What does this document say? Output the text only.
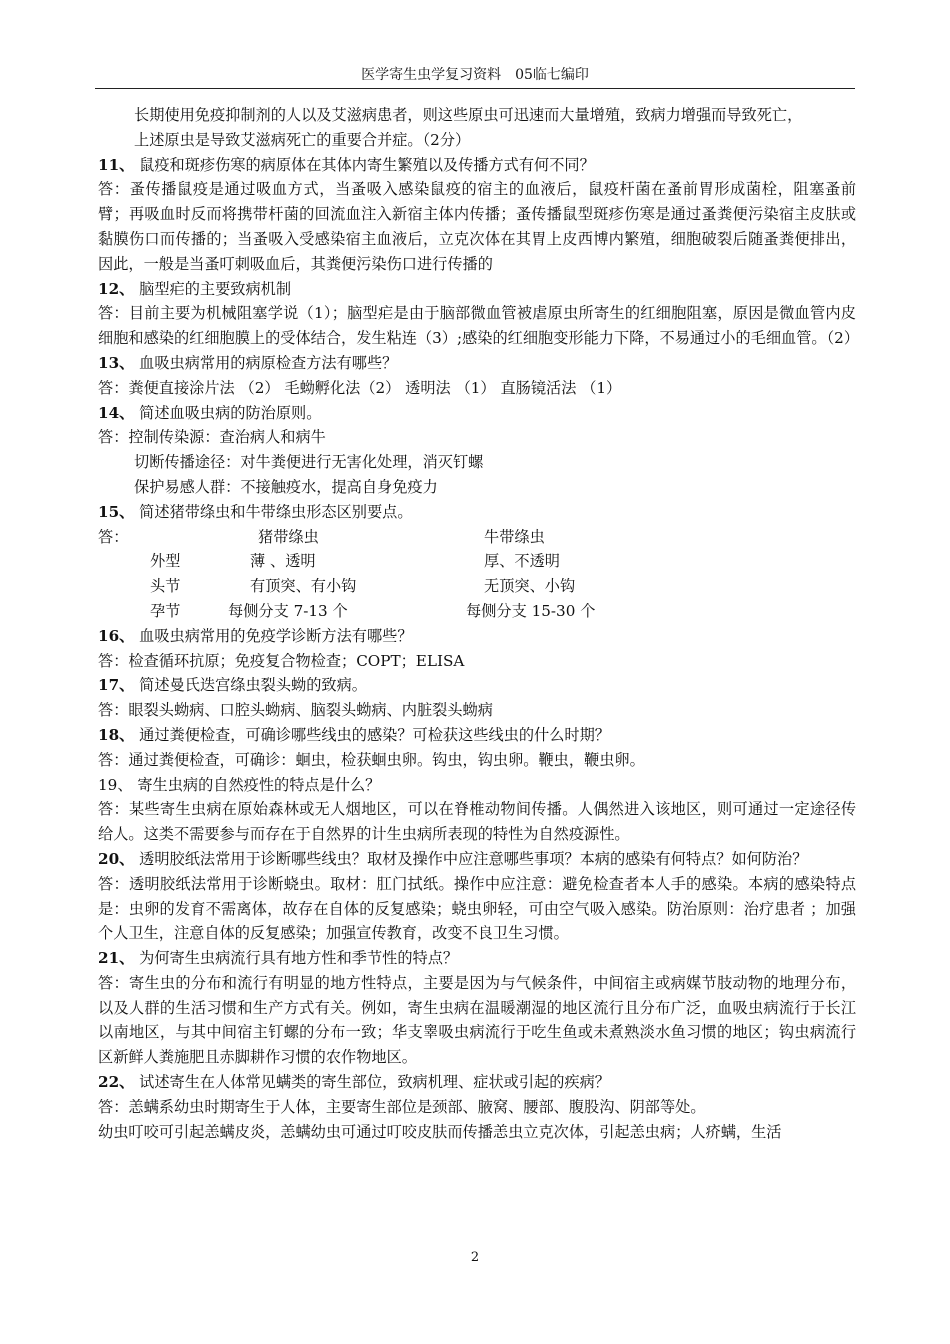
医学寄生虫学复习资料　05临七编印
长期使用免疫抑制剂的人以及艾滋病患者，则这些原虫可迅速而大量增殖，致病力增强而导致死亡，
上述原虫是导致艾滋病死亡的重要合并症。（2分）
11、 鼠疫和斑疹伤寒的病原体在其体内寄生繁殖以及传播方式有何不同？
答：蚤传播鼠疫是通过吸血方式，当蚤吸入感染鼠疫的宿主的血液后，鼠疫杆菌在蚤前胃形成菌栓，阻塞蚤前臂；再吸血时反而将携带杆菌的回流血注入新宿主体内传播；蚤传播鼠型斑疹伤寒是通过蚤粪便污染宿主皮肤或黏膜伤口而传播的；当蚤吸入受感染宿主血液后，立克次体在其胃上皮西博内繁殖，细胞破裂后随蚤粪便排出，因此，一般是当蚤叮刺吸血后，其粪便污染伤口进行传播的
12、 脑型疟的主要致病机制
答：目前主要为机械阻塞学说（1）；脑型疟是由于脑部微血管被虐原虫所寄生的红细胞阻塞，原因是微血管内皮细胞和感染的红细胞膜上的受体结合，发生粘连（3）;感染的红细胞变形能力下降，不易通过小的毛细血管。（2）
13、 血吸虫病常用的病原检查方法有哪些？
答：粪便直接涂片法 （2） 毛蚴孵化法（2） 透明法 （1） 直肠镜活法 （1）
14、 简述血吸虫病的防治原则。
答：控制传染源：查治病人和病牛
切断传播途径：对牛粪便进行无害化处理，消灭钉螺
保护易感人群：不接触疫水，提高自身免疫力
15、 简述猪带绦虫和牛带绦虫形态区别要点。
答：	猪带绦虫	牛带绦虫
外型	薄 、透明	厚、不透明
头节	有顶突、有小钩	无顶突、小钩
孕节	每侧分支 7-13 个	每侧分支 15-30 个
16、 血吸虫病常用的免疫学诊断方法有哪些？
答：检查循环抗原；免疫复合物检查；COPT；ELISA
17、 简述曼氏迭宫绦虫裂头蚴的致病。
答：眼裂头蚴病、口腔头蚴病、脑裂头蚴病、内脏裂头蚴病
18、 通过粪便检查，可确诊哪些线虫的感染？可检获这些线虫的什么时期？
答：通过粪便检查，可确诊：蛔虫，检获蛔虫卵。钩虫，钩虫卵。鞭虫，鞭虫卵。
19、 寄生虫病的自然疫性的特点是什么？
答：某些寄生虫病在原始森林或无人烟地区，可以在脊椎动物间传播。人偶然进入该地区，则可通过一定途径传给人。这类不需要参与而存在于自然界的计生虫病所表现的特性为自然疫源性。
20、 透明胶纸法常用于诊断哪些线虫？取材及操作中应注意哪些事项？本病的感染有何特点？如何防治？
答：透明胶纸法常用于诊断蛲虫。取材：肛门拭纸。操作中应注意：避免检查者本人手的感染。本病的感染特点是：虫卵的发育不需离体，故存在自体的反复感染；蛲虫卵轻，可由空气吸入感染。防治原则：治疗患者 ；加强个人卫生，注意自体的反复感染；加强宣传教育，改变不良卫生习惯。
21、 为何寄生虫病流行具有地方性和季节性的特点？
答：寄生虫的分布和流行有明显的地方性特点，主要是因为与气候条件，中间宿主或病媒节肢动物的地理分布，以及人群的生活习惯和生产方式有关。例如，寄生虫病在温暖潮湿的地区流行且分布广泛，血吸虫病流行于长江以南地区，与其中间宿主钉螺的分布一致；华支睾吸虫病流行于吃生鱼或未煮熟淡水鱼习惯的地区；钩虫病流行区新鲜人粪施肥且赤脚耕作习惯的农作物地区。
22、 试述寄生在人体常见螨类的寄生部位，致病机理、症状或引起的疾病？
答：恙螨系幼虫时期寄生于人体，主要寄生部位是颈部、腋窝、腰部、腹股沟、阴部等处。
幼虫叮咬可引起恙螨皮炎，恙螨幼虫可通过叮咬皮肤而传播恙虫立克次体，引起恙虫病；人疥螨，生活
2
